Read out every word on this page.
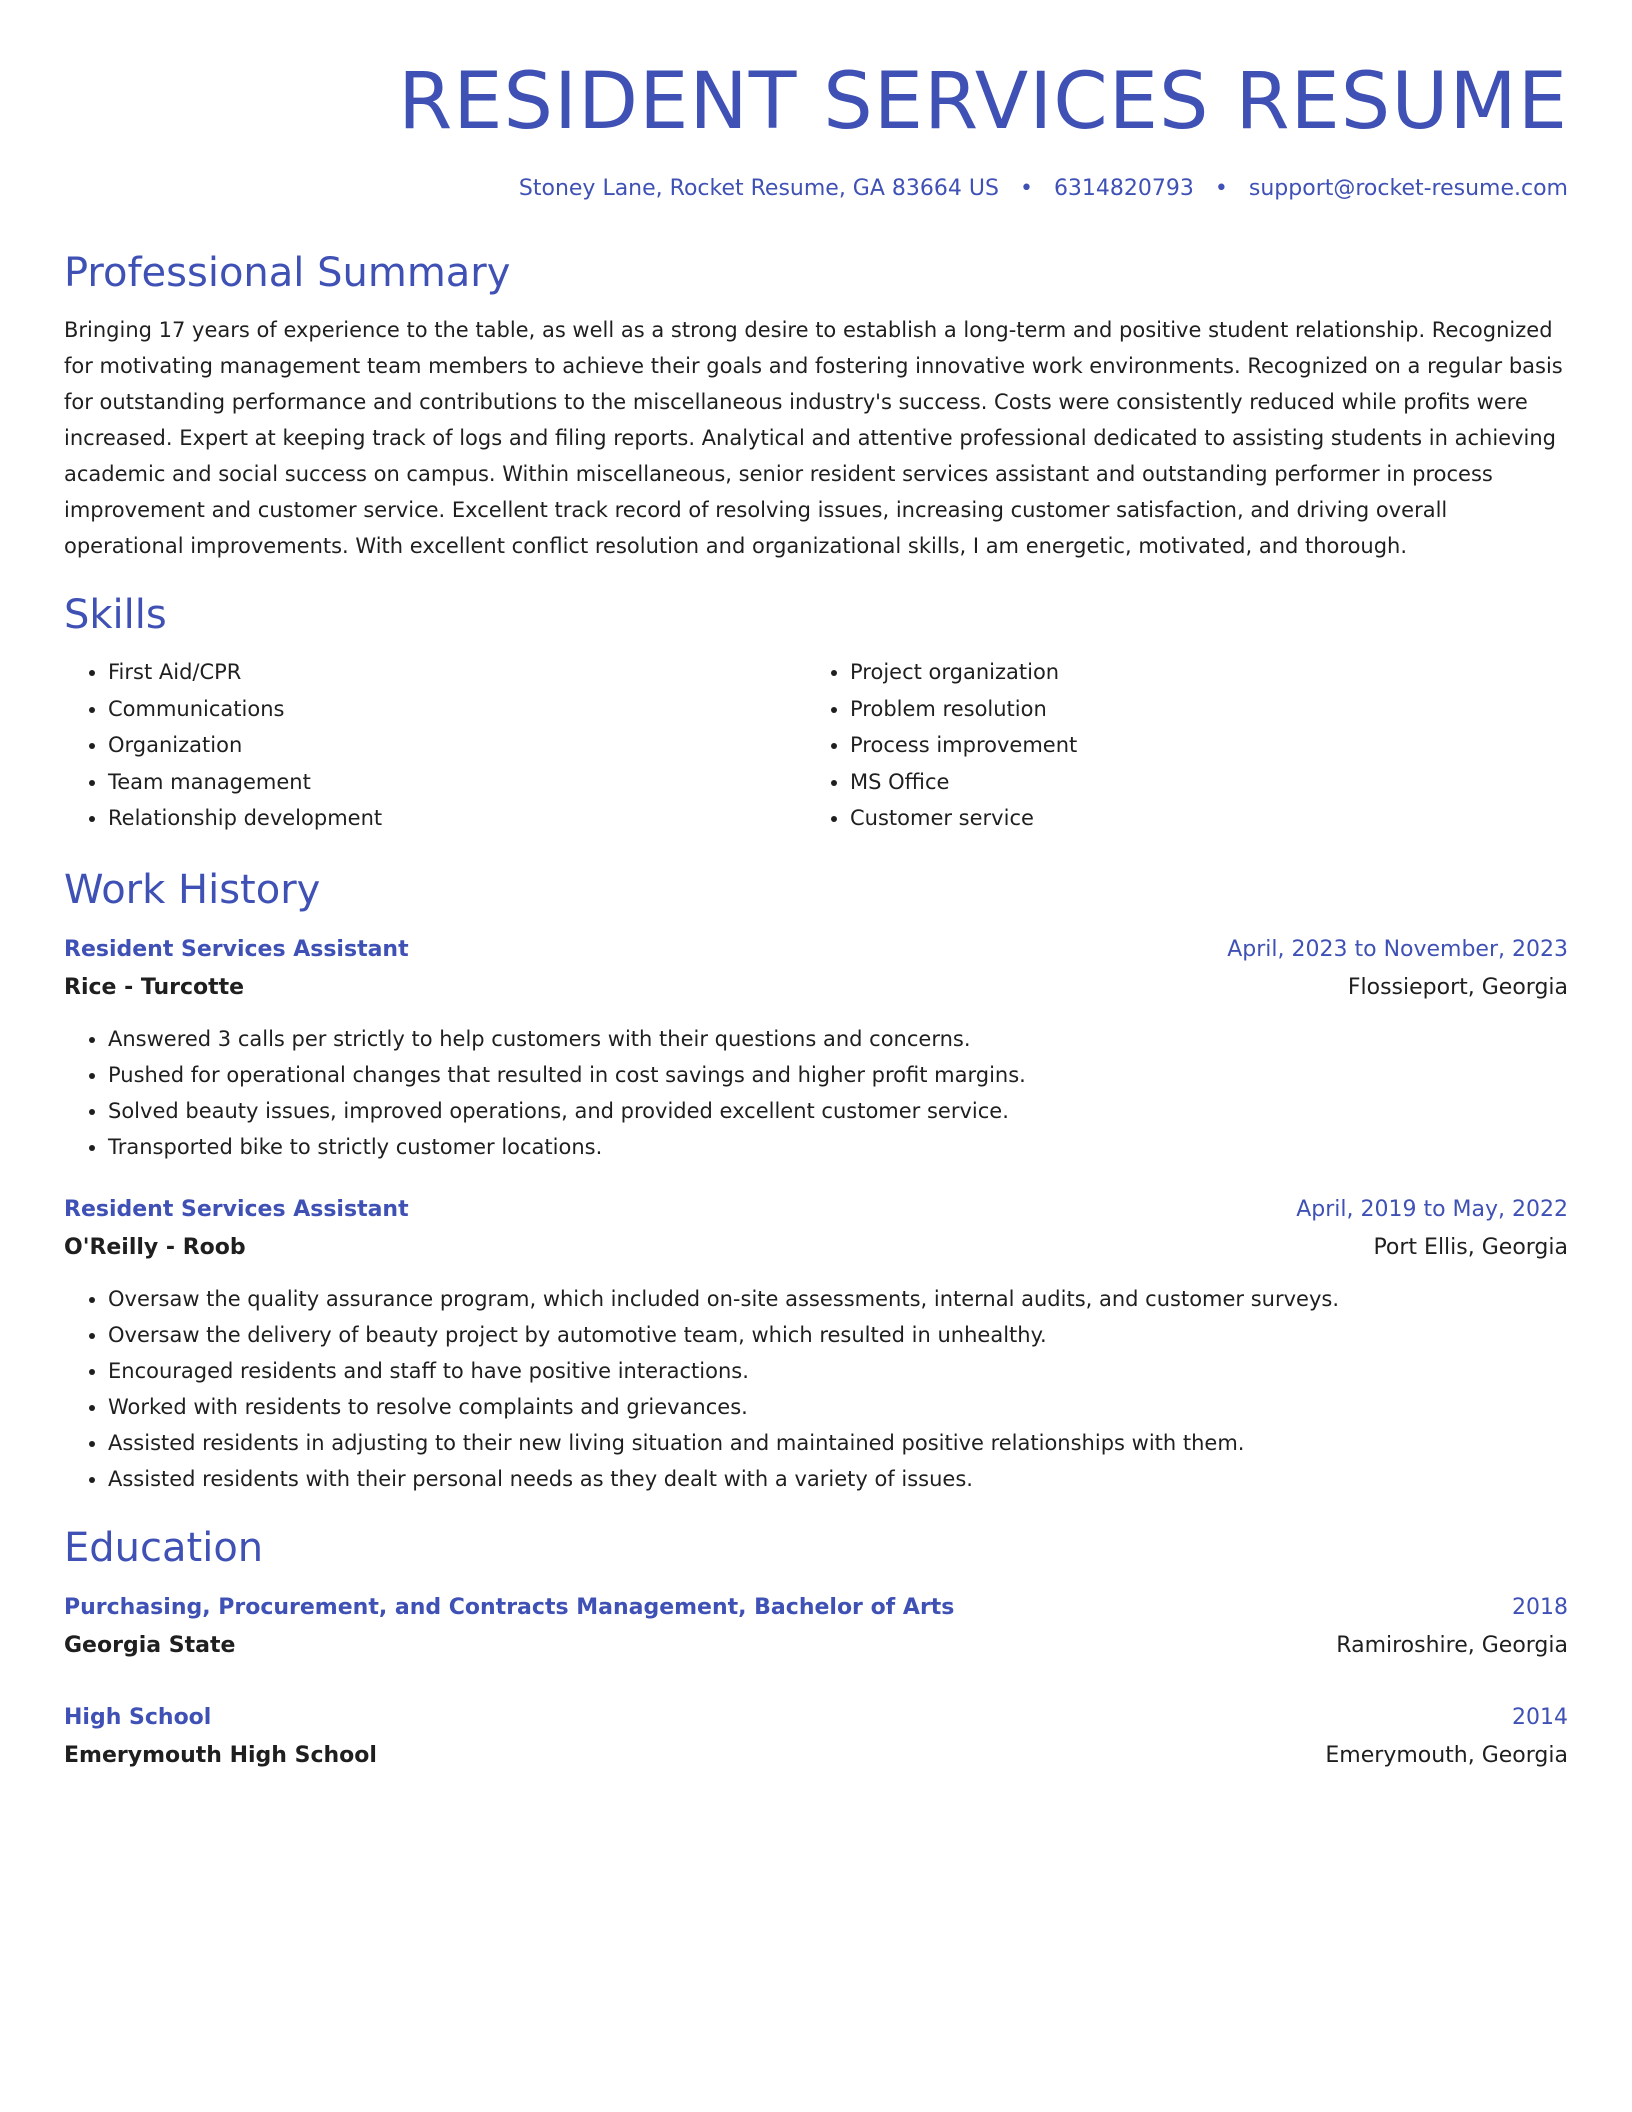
RESIDENT SERVICES RESUME
Stoney Lane, Rocket Resume, GA 83664 US • 6314820793 • support@rocket-resume.com
Professional Summary
Bringing 17 years of experience to the table, as well as a strong desire to establish a long-term and positive student relationship. Recognized for motivating management team members to achieve their goals and fostering innovative work environments. Recognized on a regular basis for outstanding performance and contributions to the miscellaneous industry's success. Costs were consistently reduced while profits were increased. Expert at keeping track of logs and filing reports. Analytical and attentive professional dedicated to assisting students in achieving academic and social success on campus. Within miscellaneous, senior resident services assistant and outstanding performer in process improvement and customer service. Excellent track record of resolving issues, increasing customer satisfaction, and driving overall operational improvements. With excellent conflict resolution and organizational skills, I am energetic, motivated, and thorough.
Skills
• First Aid/CPR
• Communications
• Organization
• Team management
• Relationship development
• Project organization
• Problem resolution
• Process improvement
• MS Office
• Customer service
Work History
Resident Services Assistant	April, 2023 to November, 2023
Rice - Turcotte	Flossieport, Georgia
• Answered 3 calls per strictly to help customers with their questions and concerns.
• Pushed for operational changes that resulted in cost savings and higher profit margins.
• Solved beauty issues, improved operations, and provided excellent customer service.
• Transported bike to strictly customer locations.
Resident Services Assistant	April, 2019 to May, 2022
O'Reilly - Roob	Port Ellis, Georgia
• Oversaw the quality assurance program, which included on-site assessments, internal audits, and customer surveys.
• Oversaw the delivery of beauty project by automotive team, which resulted in unhealthy.
• Encouraged residents and staff to have positive interactions.
• Worked with residents to resolve complaints and grievances.
• Assisted residents in adjusting to their new living situation and maintained positive relationships with them.
• Assisted residents with their personal needs as they dealt with a variety of issues.
Education
Purchasing, Procurement, and Contracts Management, Bachelor of Arts	2018
Georgia State	Ramiroshire, Georgia
High School	2014
Emerymouth High School	Emerymouth, Georgia
